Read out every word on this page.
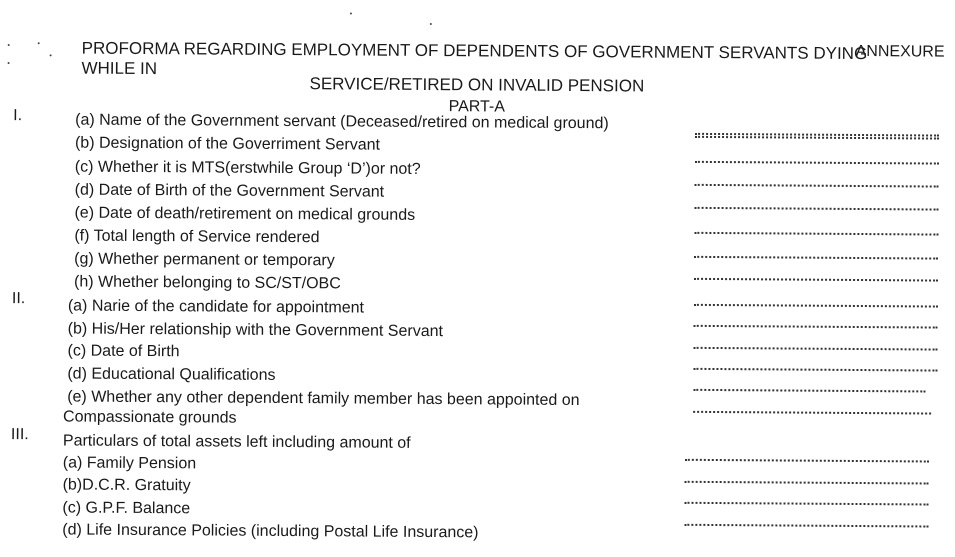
ANNEXURE
PROFORMA REGARDING EMPLOYMENT OF DEPENDENTS OF GOVERNMENT SERVANTS DYING WHILE IN
SERVICE/RETIRED ON INVALID PENSION
PART-A
I.	(a) Name of the Government servant (Deceased/retired on medical ground)
(b) Designation of the Goverriment Servant
(c) Whether it is MTS(erstwhile Group ‘D’)or not?
(d) Date of Birth of the Government Servant
(e) Date of death/retirement on medical grounds
(f) Total length of Service rendered
(g) Whether permanent or temporary
(h) Whether belonging to SC/ST/OBC
II.	(a) Narie of the candidate for appointment
(b) His/Her relationship with the Government Servant
(c) Date of Birth
(d) Educational Qualifications
(e) Whether any other dependent family member has been appointed on
Compassionate grounds
III. Particulars of total assets left including amount of
(a) Family Pension
(b)D.C.R. Gratuity
(c) G.P.F. Balance
(d) Life Insurance Policies (including Postal Life Insurance)
